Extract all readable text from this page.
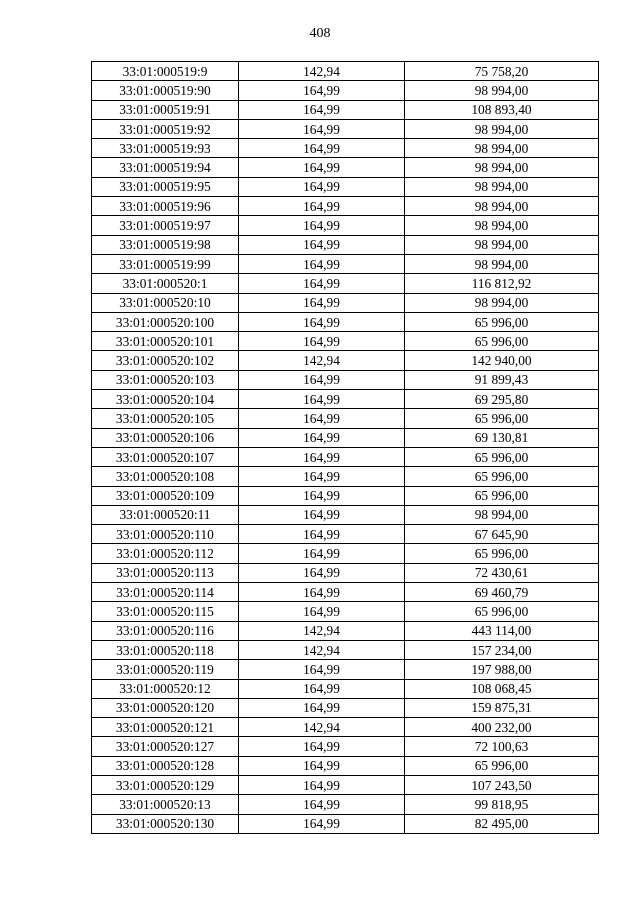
408
33:01:000519:9	142,94	75 758,20
33:01:000519:90	164,99	98 994,00
33:01:000519:91	164,99	108 893,40
33:01:000519:92	164,99	98 994,00
33:01:000519:93	164,99	98 994,00
33:01:000519:94	164,99	98 994,00
33:01:000519:95	164,99	98 994,00
33:01:000519:96	164,99	98 994,00
33:01:000519:97	164,99	98 994,00
33:01:000519:98	164,99	98 994,00
33:01:000519:99	164,99	98 994,00
33:01:000520:1	164,99	116 812,92
33:01:000520:10	164,99	98 994,00
33:01:000520:100	164,99	65 996,00
33:01:000520:101	164,99	65 996,00
33:01:000520:102	142,94	142 940,00
33:01:000520:103	164,99	91 899,43
33:01:000520:104	164,99	69 295,80
33:01:000520:105	164,99	65 996,00
33:01:000520:106	164,99	69 130,81
33:01:000520:107	164,99	65 996,00
33:01:000520:108	164,99	65 996,00
33:01:000520:109	164,99	65 996,00
33:01:000520:11	164,99	98 994,00
33:01:000520:110	164,99	67 645,90
33:01:000520:112	164,99	65 996,00
33:01:000520:113	164,99	72 430,61
33:01:000520:114	164,99	69 460,79
33:01:000520:115	164,99	65 996,00
33:01:000520:116	142,94	443 114,00
33:01:000520:118	142,94	157 234,00
33:01:000520:119	164,99	197 988,00
33:01:000520:12	164,99	108 068,45
33:01:000520:120	164,99	159 875,31
33:01:000520:121	142,94	400 232,00
33:01:000520:127	164,99	72 100,63
33:01:000520:128	164,99	65 996,00
33:01:000520:129	164,99	107 243,50
33:01:000520:13	164,99	99 818,95
33:01:000520:130	164,99	82 495,00
